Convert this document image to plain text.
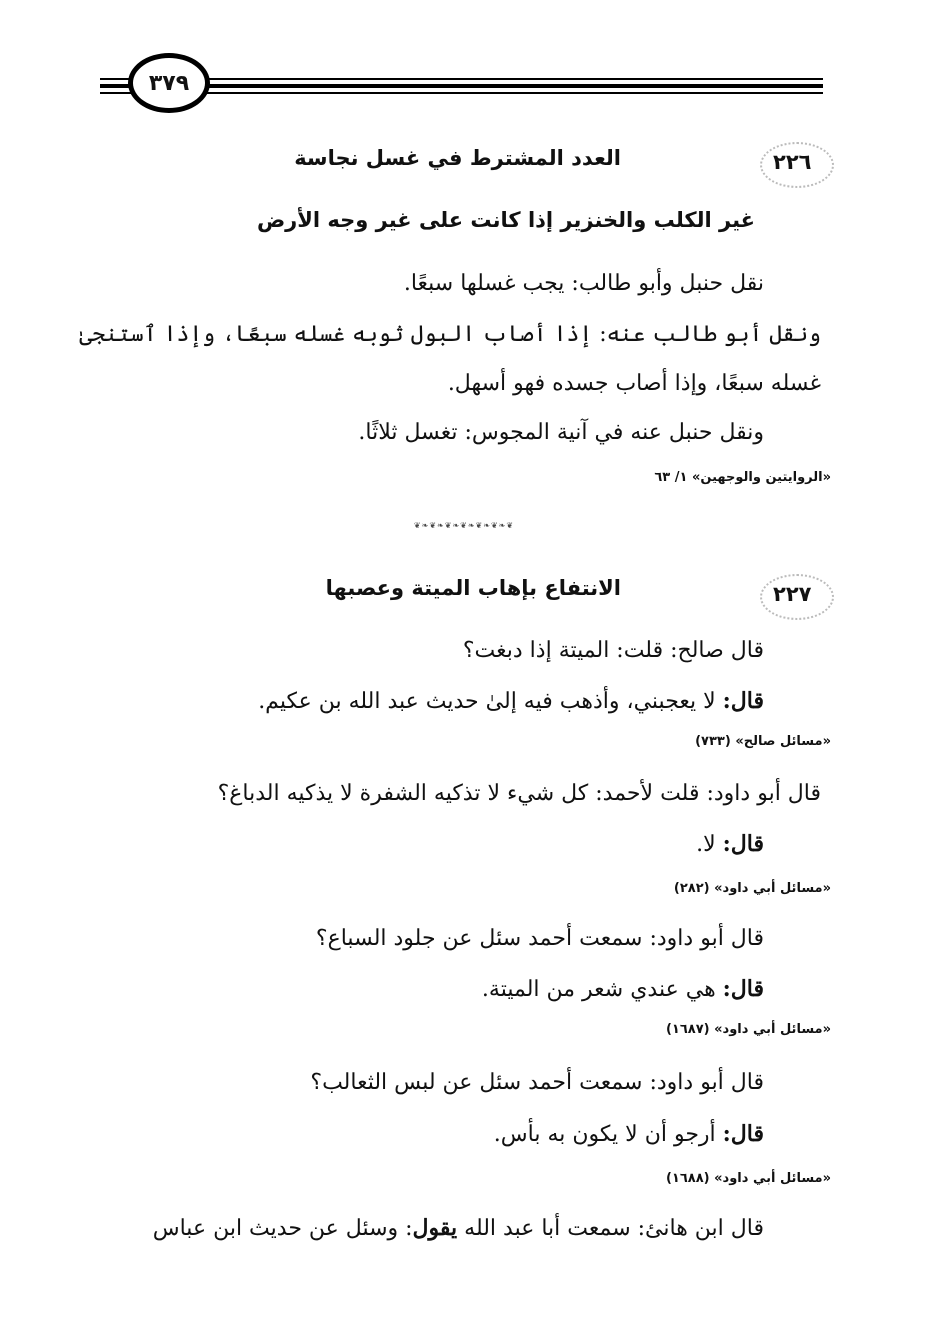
٣٧٩
٢٢٦
العدد المشترط في غسل نجاسة
غير الكلب والخنزير إذا كانت على غير وجه الأرض
نقل حنبل وأبو طالب: يجب غسلها سبعًا.
ونقل أبو طالب عنه: إذا أصاب البول ثوبه غسله سبعًا، وإذا ٱستنجىٰ
غسله سبعًا، وإذا أصاب جسده فهو أسهل.
ونقل حنبل عنه في آنية المجوس: تغسل ثلاثًا.
«الروايتين والوجهين» ١/ ٦٣
❦❧❦❧❦❧❦❧❦❧❦❧❦
٢٢٧
الانتفاع بإهاب الميتة وعصبها
قال صالح: قلت: الميتة إذا دبغت؟
قال: لا يعجبني، وأذهب فيه إلىٰ حديث عبد الله بن عكيم.
«مسائل صالح» (٧٣٣)
قال أبو داود: قلت لأحمد: كل شيء لا تذكيه الشفرة لا يذكيه الدباغ؟
قال: لا.
«مسائل أبي داود» (٢٨٢)
قال أبو داود: سمعت أحمد سئل عن جلود السباع؟
قال: هي عندي شعر من الميتة.
«مسائل أبي داود» (١٦٨٧)
قال أبو داود: سمعت أحمد سئل عن لبس الثعالب؟
قال: أرجو أن لا يكون به بأس.
«مسائل أبي داود» (١٦٨٨)
قال ابن هانئ: سمعت أبا عبد الله يقول: وسئل عن حديث ابن عباس
